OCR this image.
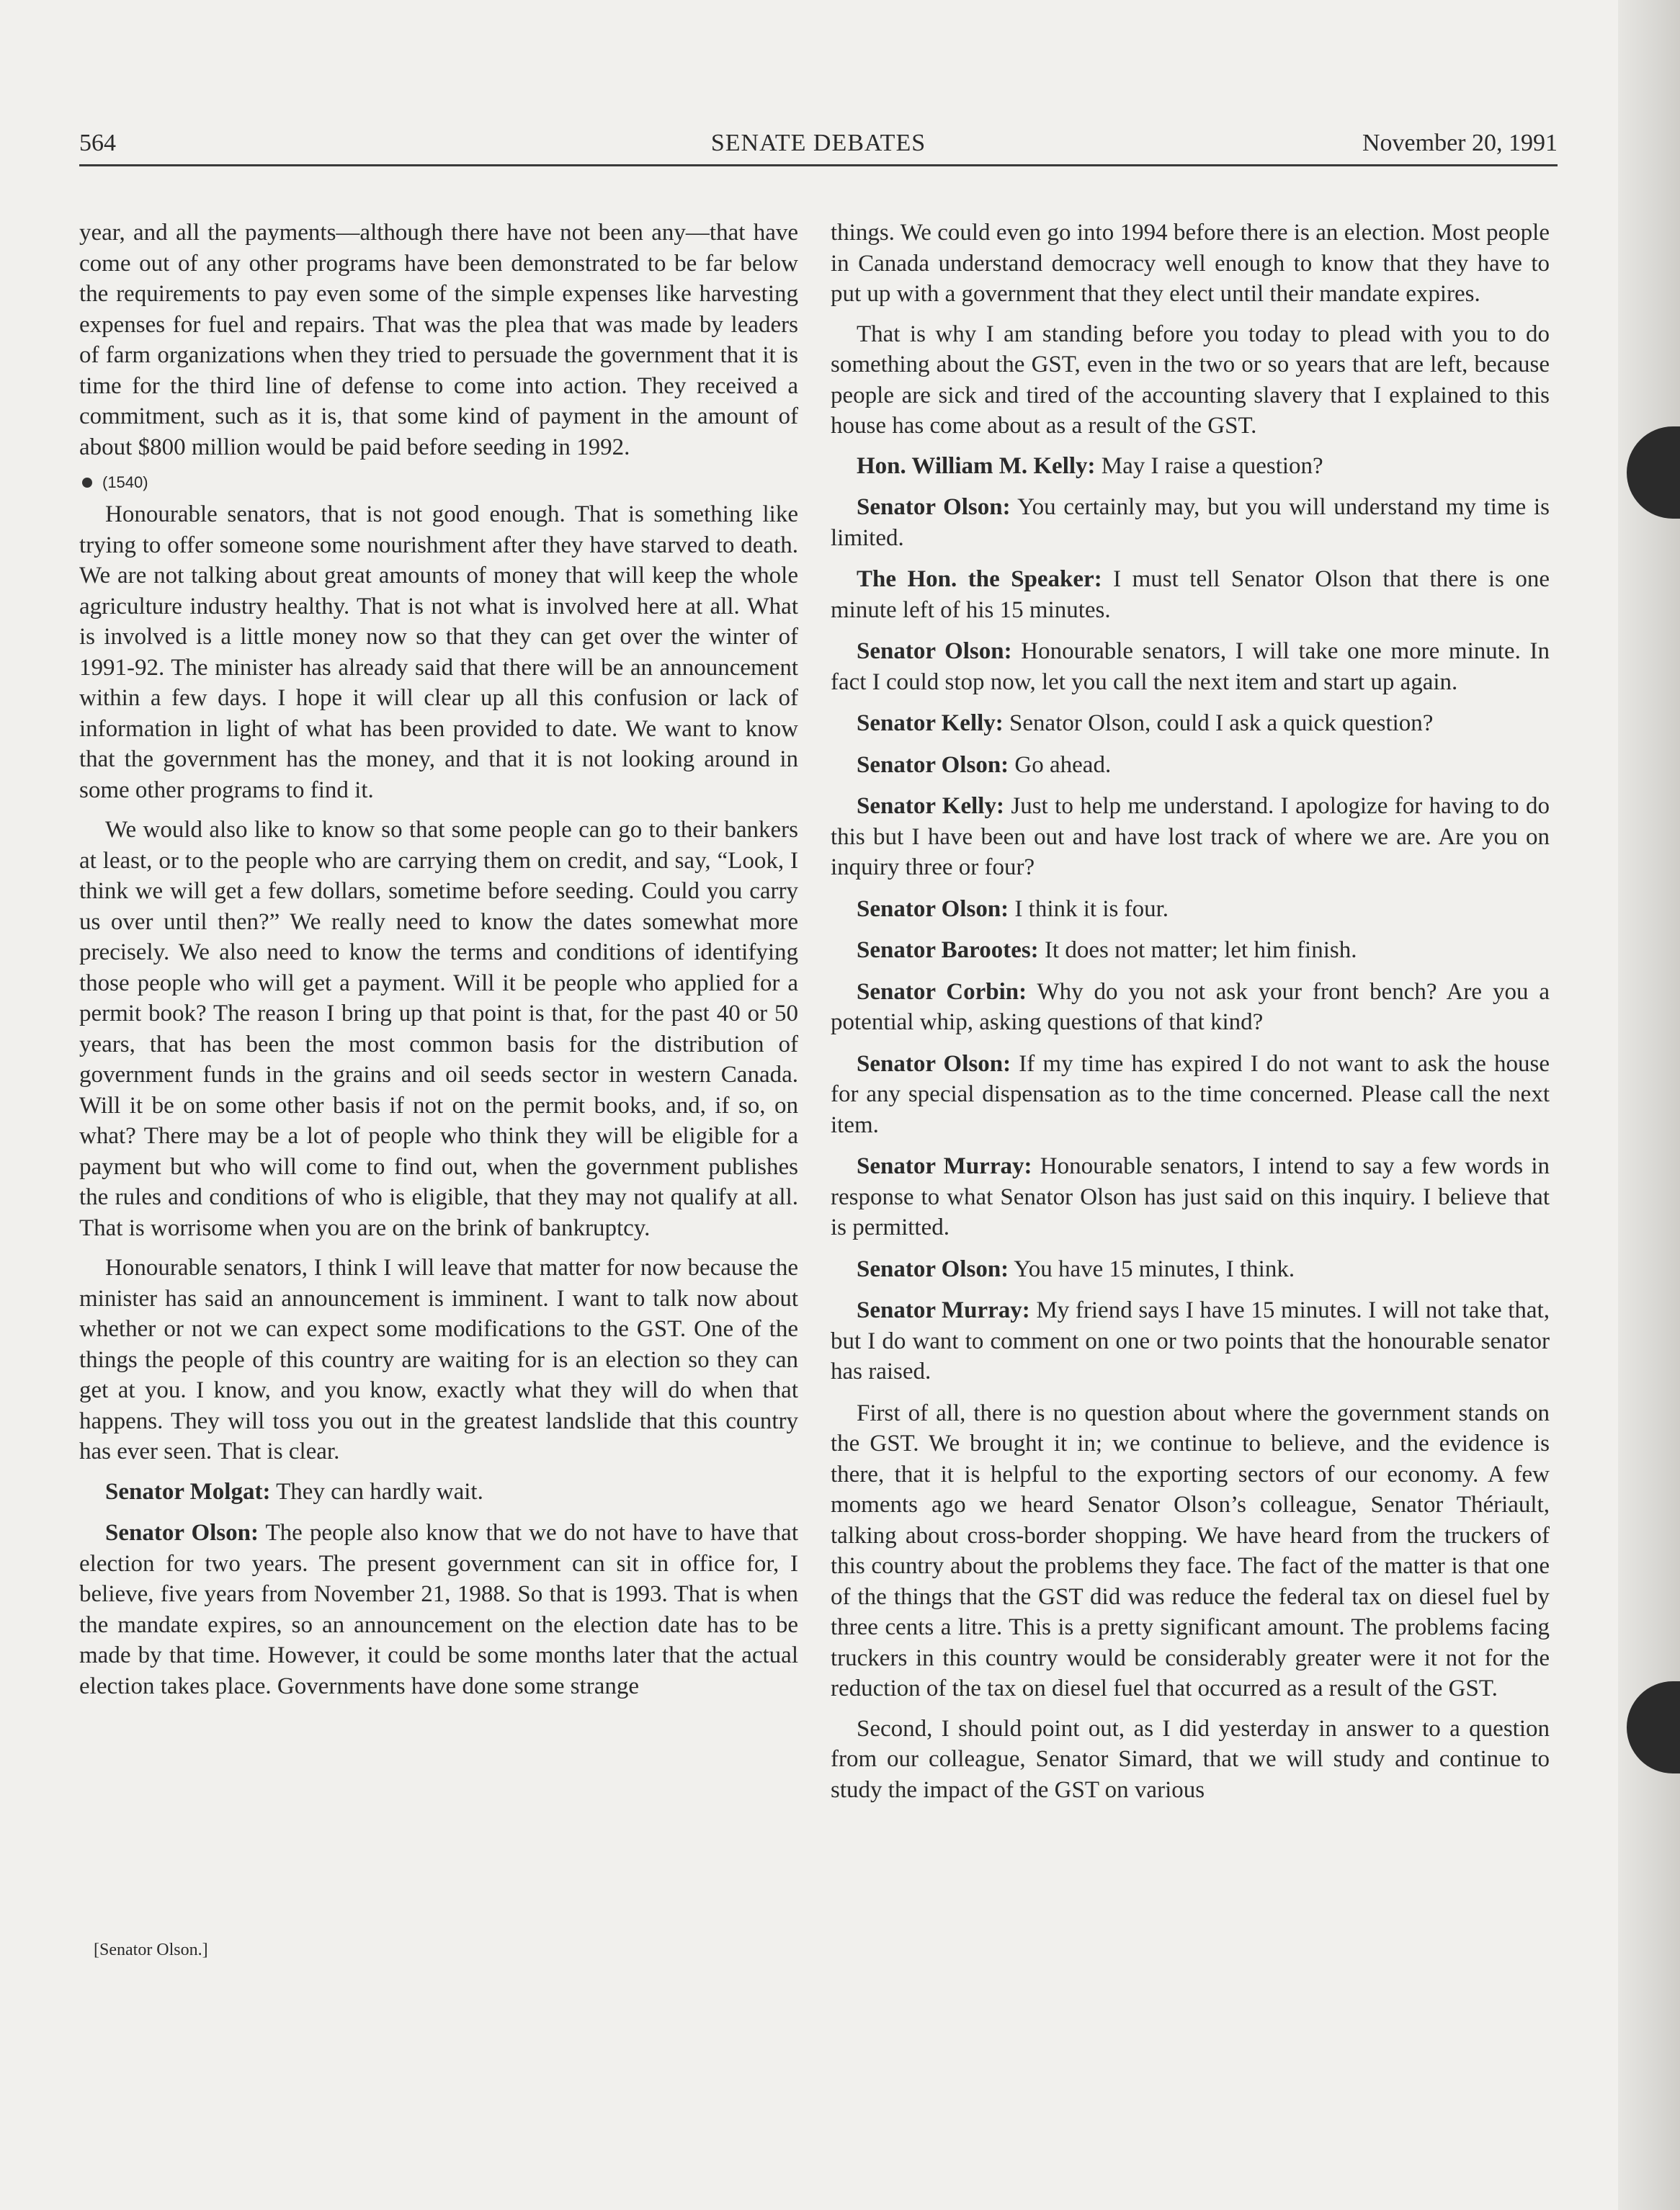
564	SENATE DEBATES	November 20, 1991

year, and all the payments—although there have not been any—that have come out of any other programs have been demonstrated to be far below the requirements to pay even some of the simple expenses like harvesting expenses for fuel and repairs. That was the plea that was made by leaders of farm organizations when they tried to persuade the government that it is time for the third line of defense to come into action. They received a commitment, such as it is, that some kind of payment in the amount of about $800 million would be paid before seeding in 1992.

(1540)

Honourable senators, that is not good enough. That is something like trying to offer someone some nourishment after they have starved to death. We are not talking about great amounts of money that will keep the whole agriculture industry healthy. That is not what is involved here at all. What is involved is a little money now so that they can get over the winter of 1991-92. The minister has already said that there will be an announcement within a few days. I hope it will clear up all this confusion or lack of information in light of what has been provided to date. We want to know that the government has the money, and that it is not looking around in some other programs to find it.

We would also like to know so that some people can go to their bankers at least, or to the people who are carrying them on credit, and say, “Look, I think we will get a few dollars, sometime before seeding. Could you carry us over until then?” We really need to know the dates somewhat more precisely. We also need to know the terms and conditions of identifying those people who will get a payment. Will it be people who applied for a permit book? The reason I bring up that point is that, for the past 40 or 50 years, that has been the most common basis for the distribution of government funds in the grains and oil seeds sector in western Canada. Will it be on some other basis if not on the permit books, and, if so, on what? There may be a lot of people who think they will be eligible for a payment but who will come to find out, when the government publishes the rules and conditions of who is eligible, that they may not qualify at all. That is worrisome when you are on the brink of bankruptcy.

Honourable senators, I think I will leave that matter for now because the minister has said an announcement is imminent. I want to talk now about whether or not we can expect some modifications to the GST. One of the things the people of this country are waiting for is an election so they can get at you. I know, and you know, exactly what they will do when that happens. They will toss you out in the greatest landslide that this country has ever seen. That is clear.

Senator Molgat: They can hardly wait.

Senator Olson: The people also know that we do not have to have that election for two years. The present government can sit in office for, I believe, five years from November 21, 1988. So that is 1993. That is when the mandate expires, so an announcement on the election date has to be made by that time. However, it could be some months later that the actual election takes place. Governments have done some strange

[Senator Olson.]

things. We could even go into 1994 before there is an election. Most people in Canada understand democracy well enough to know that they have to put up with a government that they elect until their mandate expires.

That is why I am standing before you today to plead with you to do something about the GST, even in the two or so years that are left, because people are sick and tired of the accounting slavery that I explained to this house has come about as a result of the GST.

Hon. William M. Kelly: May I raise a question?

Senator Olson: You certainly may, but you will understand my time is limited.

The Hon. the Speaker: I must tell Senator Olson that there is one minute left of his 15 minutes.

Senator Olson: Honourable senators, I will take one more minute. In fact I could stop now, let you call the next item and start up again.

Senator Kelly: Senator Olson, could I ask a quick question?

Senator Olson: Go ahead.

Senator Kelly: Just to help me understand. I apologize for having to do this but I have been out and have lost track of where we are. Are you on inquiry three or four?

Senator Olson: I think it is four.

Senator Barootes: It does not matter; let him finish.

Senator Corbin: Why do you not ask your front bench? Are you a potential whip, asking questions of that kind?

Senator Olson: If my time has expired I do not want to ask the house for any special dispensation as to the time concerned. Please call the next item.

Senator Murray: Honourable senators, I intend to say a few words in response to what Senator Olson has just said on this inquiry. I believe that is permitted.

Senator Olson: You have 15 minutes, I think.

Senator Murray: My friend says I have 15 minutes. I will not take that, but I do want to comment on one or two points that the honourable senator has raised.

First of all, there is no question about where the government stands on the GST. We brought it in; we continue to believe, and the evidence is there, that it is helpful to the exporting sectors of our economy. A few moments ago we heard Senator Olson’s colleague, Senator Thériault, talking about cross-border shopping. We have heard from the truckers of this country about the problems they face. The fact of the matter is that one of the things that the GST did was reduce the federal tax on diesel fuel by three cents a litre. This is a pretty significant amount. The problems facing truckers in this country would be considerably greater were it not for the reduction of the tax on diesel fuel that occurred as a result of the GST.

Second, I should point out, as I did yesterday in answer to a question from our colleague, Senator Simard, that we will study and continue to study the impact of the GST on various
